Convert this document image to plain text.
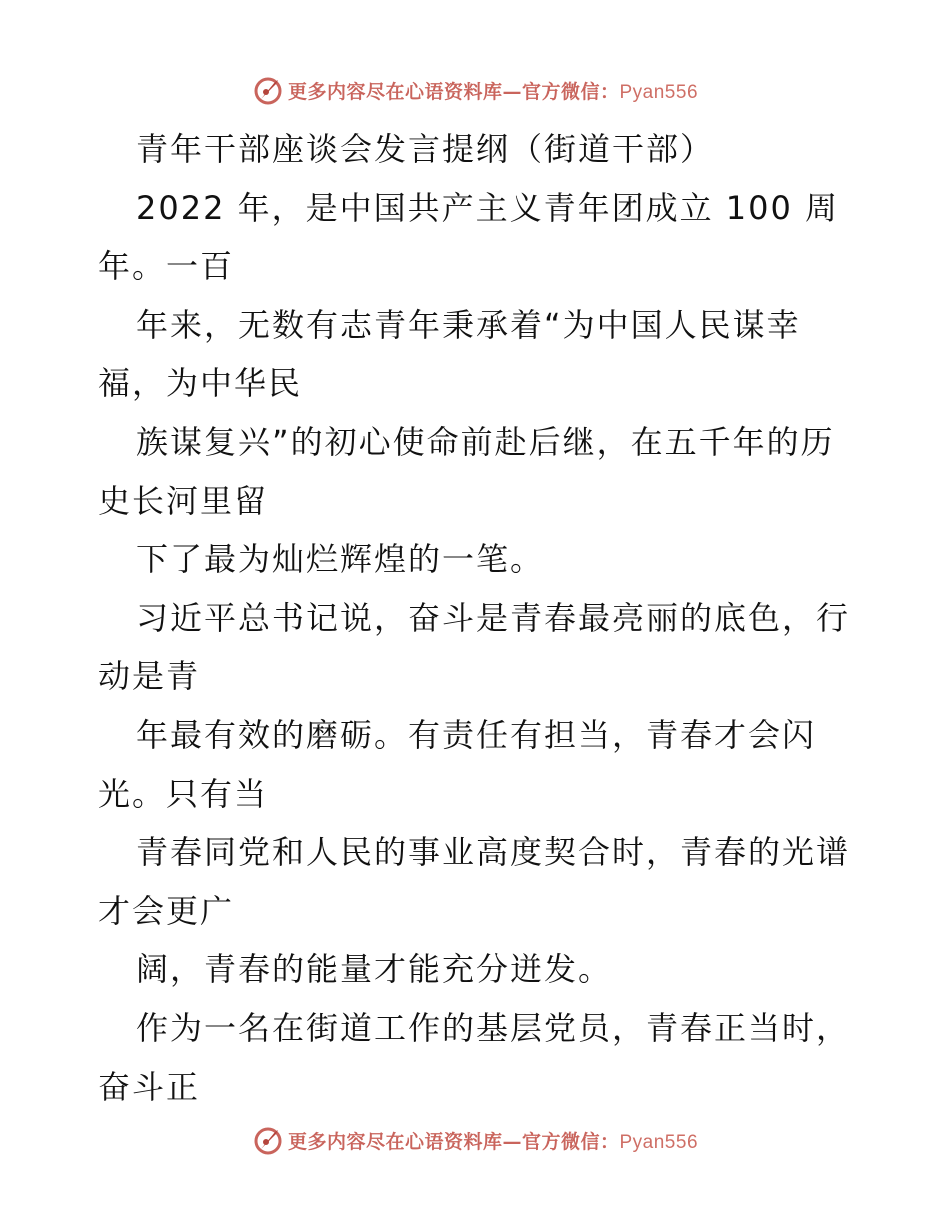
更多内容尽在心语资料库—官方微信：Pyan556
青年干部座谈会发言提纲（街道干部）
2022 年，是中国共产主义青年团成立 100 周
年。一百
年来，无数有志青年秉承着“为中国人民谋幸
福，为中华民
族谋复兴”的初心使命前赴后继，在五千年的历
史长河里留
下了最为灿烂辉煌的一笔。
习近平总书记说，奋斗是青春最亮丽的底色，行
动是青
年最有效的磨砺。有责任有担当，青春才会闪
光。只有当
青春同党和人民的事业高度契合时，青春的光谱
才会更广
阔，青春的能量才能充分迸发。
作为一名在街道工作的基层党员，青春正当时，
奋斗正
更多内容尽在心语资料库—官方微信：Pyan556
